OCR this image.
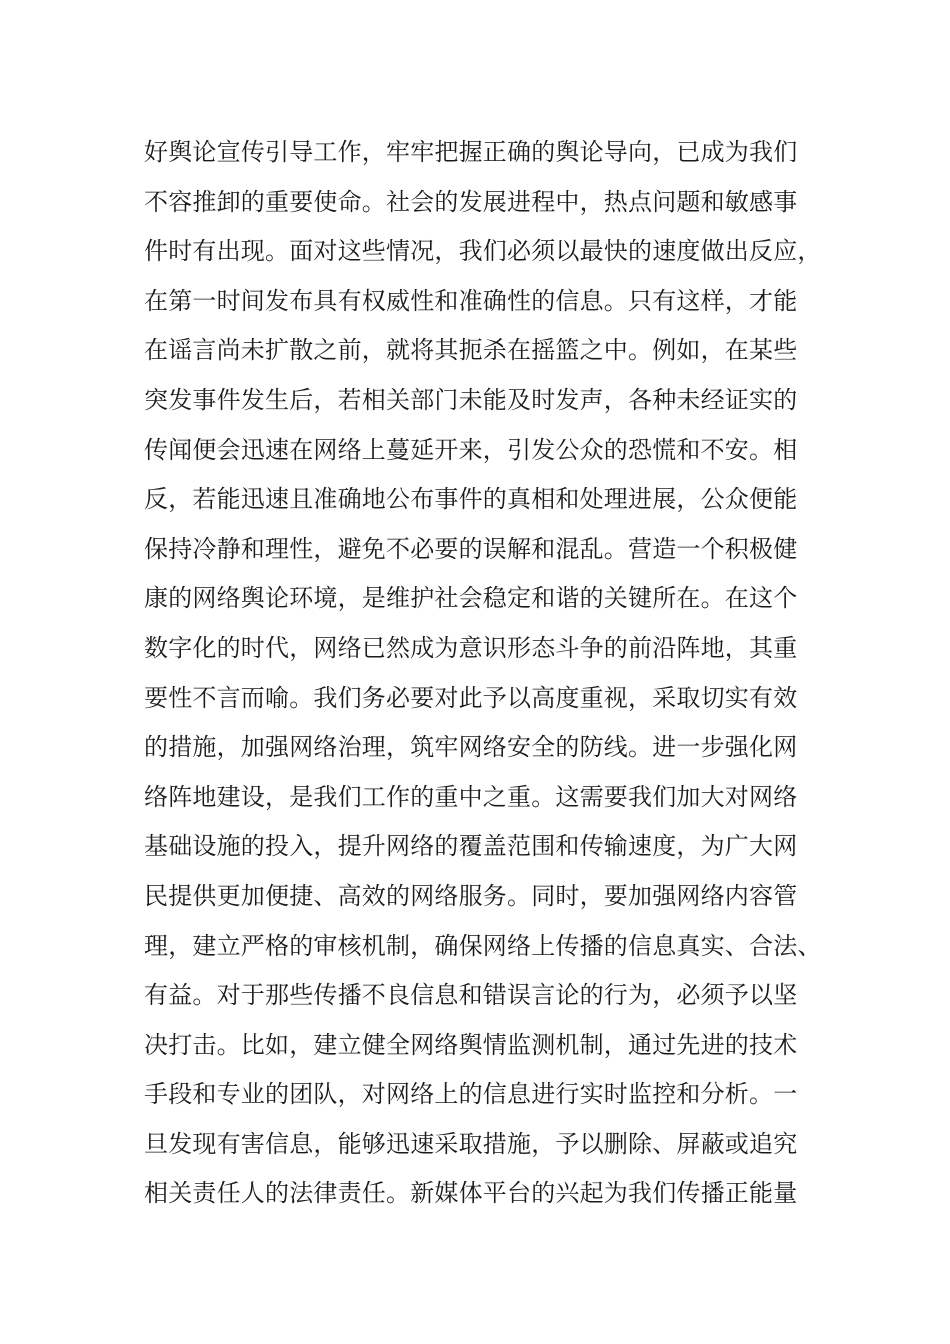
好舆论宣传引导工作，牢牢把握正确的舆论导向，已成为我们
不容推卸的重要使命。社会的发展进程中，热点问题和敏感事
件时有出现。面对这些情况，我们必须以最快的速度做出反应，
在第一时间发布具有权威性和准确性的信息。只有这样，才能
在谣言尚未扩散之前，就将其扼杀在摇篮之中。例如，在某些
突发事件发生后，若相关部门未能及时发声，各种未经证实的
传闻便会迅速在网络上蔓延开来，引发公众的恐慌和不安。相
反，若能迅速且准确地公布事件的真相和处理进展，公众便能
保持冷静和理性，避免不必要的误解和混乱。营造一个积极健
康的网络舆论环境，是维护社会稳定和谐的关键所在。在这个
数字化的时代，网络已然成为意识形态斗争的前沿阵地，其重
要性不言而喻。我们务必要对此予以高度重视，采取切实有效
的措施，加强网络治理，筑牢网络安全的防线。进一步强化网
络阵地建设，是我们工作的重中之重。这需要我们加大对网络
基础设施的投入，提升网络的覆盖范围和传输速度，为广大网
民提供更加便捷、高效的网络服务。同时，要加强网络内容管
理，建立严格的审核机制，确保网络上传播的信息真实、合法、
有益。对于那些传播不良信息和错误言论的行为，必须予以坚
决打击。比如，建立健全网络舆情监测机制，通过先进的技术
手段和专业的团队，对网络上的信息进行实时监控和分析。一
旦发现有害信息，能够迅速采取措施，予以删除、屏蔽或追究
相关责任人的法律责任。新媒体平台的兴起为我们传播正能量
